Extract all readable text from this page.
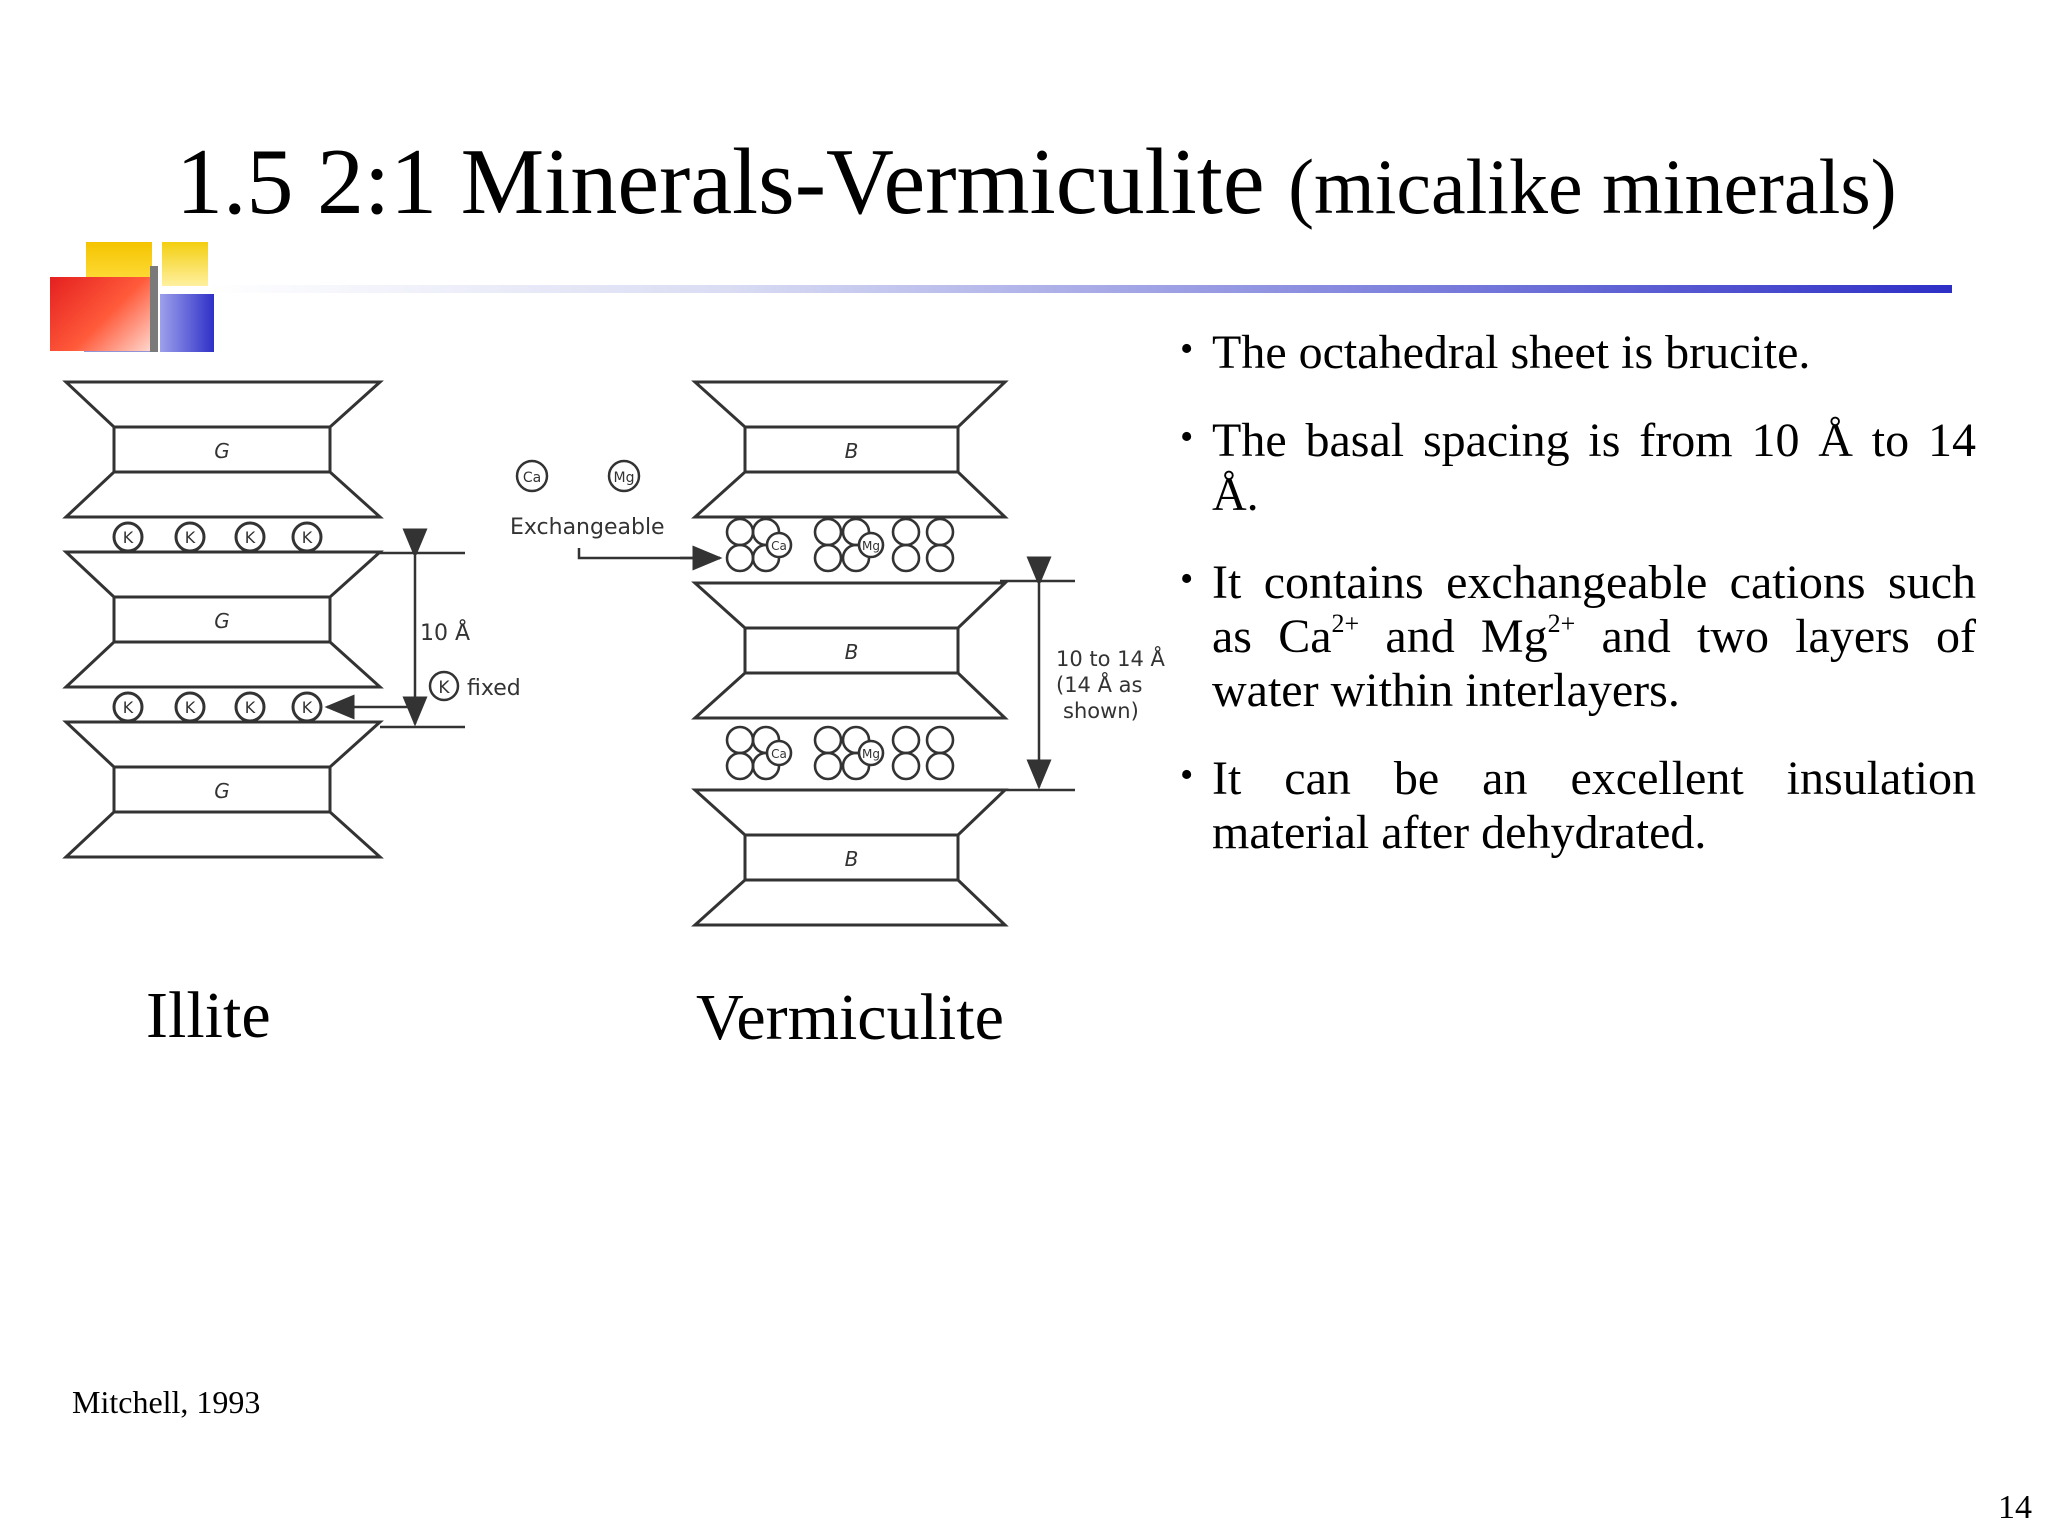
1.5 2:1 Minerals-Vermiculite (micalike minerals)
G
G
G
B
B
B
K	K	K	K
K	K	K	K
Ca	Mg
Ca	Mg
10 Å
K fixed
Ca	Mg
Exchangeable
10 to 14 Å
(14 Å as
shown)
Illite	Vermiculite
• The octahedral sheet is brucite.
• The basal spacing is from 10 Å to 14 Å.
• It contains exchangeable cations such as $Ca^{2+}$ and $Mg^{2+}$ and two layers of water within interlayers.
• It can be an excellent insulation material after dehydrated.
Mitchell, 1993
14
